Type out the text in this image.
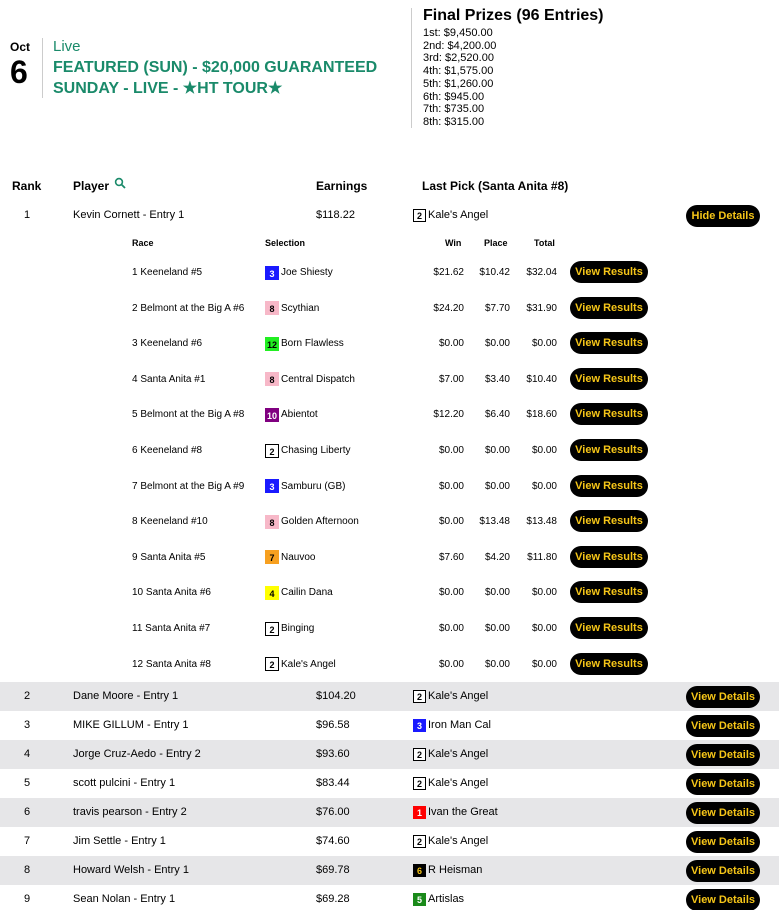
Oct
6
Live
FEATURED (SUN) - $20,000 GUARANTEED SUNDAY - LIVE - ★HT TOUR★
Final Prizes (96 Entries)
1st: $9,450.00
2nd: $4,200.00
3rd: $2,520.00
4th: $1,575.00
5th: $1,260.00
6th: $945.00
7th: $735.00
8th: $315.00
Rank	Player	Earnings	Last Pick (Santa Anita #8)
1	Kevin Cornett - Entry 1	$118.22	2 Kale's Angel	Hide Details
Race	Selection	Win	Place	Total
1 Keeneland #5	3 Joe Shiesty	$21.62	$10.42	$32.04	View Results
2 Belmont at the Big A #6	8 Scythian	$24.20	$7.70	$31.90	View Results
3 Keeneland #6	12 Born Flawless	$0.00	$0.00	$0.00	View Results
4 Santa Anita #1	8 Central Dispatch	$7.00	$3.40	$10.40	View Results
5 Belmont at the Big A #8	10 Abientot	$12.20	$6.40	$18.60	View Results
6 Keeneland #8	2 Chasing Liberty	$0.00	$0.00	$0.00	View Results
7 Belmont at the Big A #9	3 Samburu (GB)	$0.00	$0.00	$0.00	View Results
8 Keeneland #10	8 Golden Afternoon	$0.00	$13.48	$13.48	View Results
9 Santa Anita #5	7 Nauvoo	$7.60	$4.20	$11.80	View Results
10 Santa Anita #6	4 Cailin Dana	$0.00	$0.00	$0.00	View Results
11 Santa Anita #7	2 Binging	$0.00	$0.00	$0.00	View Results
12 Santa Anita #8	2 Kale's Angel	$0.00	$0.00	$0.00	View Results
2	Dane Moore - Entry 1	$104.20	2 Kale's Angel	View Details
3	MIKE GILLUM - Entry 1	$96.58	3 Iron Man Cal	View Details
4	Jorge Cruz-Aedo - Entry 2	$93.60	2 Kale's Angel	View Details
5	scott pulcini - Entry 1	$83.44	2 Kale's Angel	View Details
6	travis pearson - Entry 2	$76.00	1 Ivan the Great	View Details
7	Jim Settle - Entry 1	$74.60	2 Kale's Angel	View Details
8	Howard Welsh - Entry 1	$69.78	6 R Heisman	View Details
9	Sean Nolan - Entry 1	$69.28	5 Artislas	View Details
